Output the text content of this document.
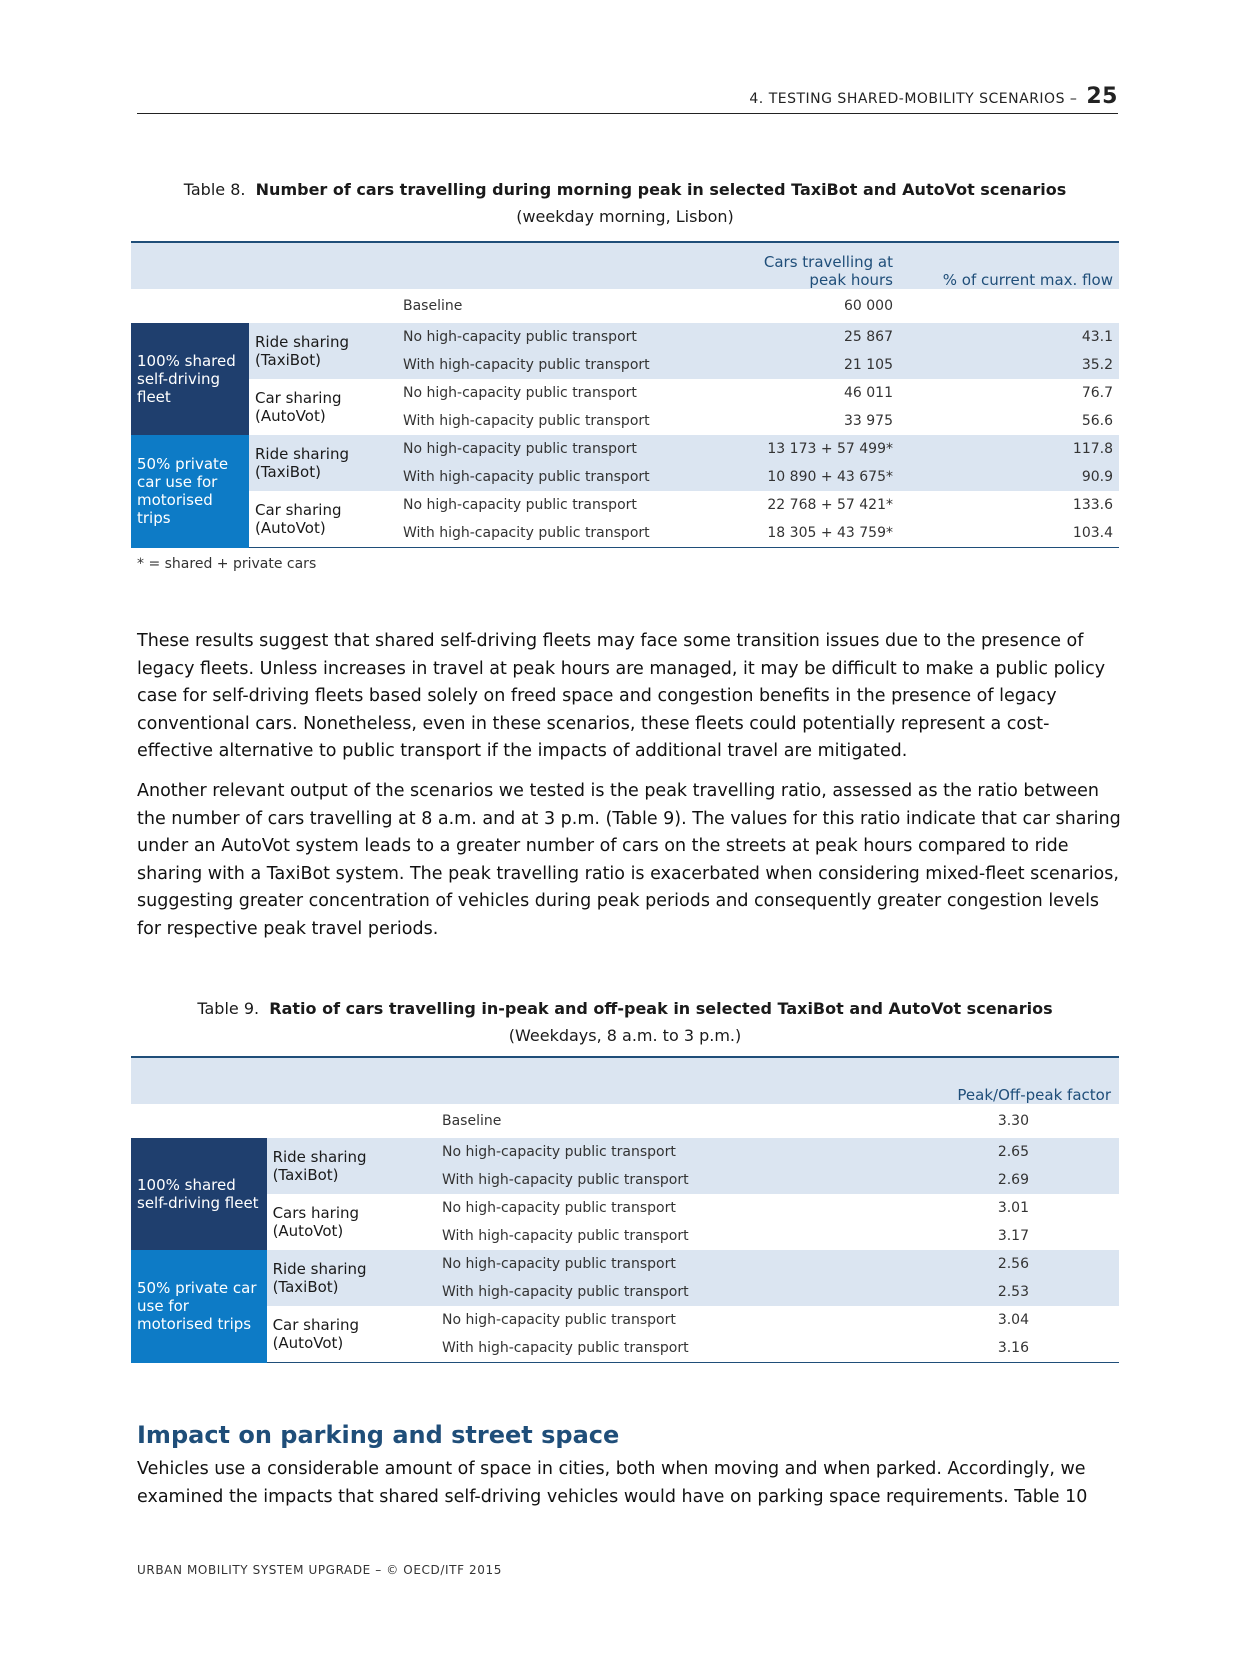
4. TESTING SHARED-MOBILITY SCENARIOS – 25
Table 8. Number of cars travelling during morning peak in selected TaxiBot and AutoVot scenarios
(weekday morning, Lisbon)
			Cars travelling at peak hours	% of current max. flow
		Baseline	60 000	
100% shared self-driving fleet	Ride sharing (TaxiBot)	No high-capacity public transport	25 867	43.1
		With high-capacity public transport	21 105	35.2
	Car sharing (AutoVot)	No high-capacity public transport	46 011	76.7
		With high-capacity public transport	33 975	56.6
50% private car use for motorised trips	Ride sharing (TaxiBot)	No high-capacity public transport	13 173 + 57 499*	117.8
		With high-capacity public transport	10 890 + 43 675*	90.9
	Car sharing (AutoVot)	No high-capacity public transport	22 768 + 57 421*	133.6
		With high-capacity public transport	18 305 + 43 759*	103.4
* = shared + private cars
These results suggest that shared self-driving fleets may face some transition issues due to the presence of legacy fleets. Unless increases in travel at peak hours are managed, it may be difficult to make a public policy case for self-driving fleets based solely on freed space and congestion benefits in the presence of legacy conventional cars. Nonetheless, even in these scenarios, these fleets could potentially represent a cost-effective alternative to public transport if the impacts of additional travel are mitigated.
Another relevant output of the scenarios we tested is the peak travelling ratio, assessed as the ratio between the number of cars travelling at 8 a.m. and at 3 p.m. (Table 9). The values for this ratio indicate that car sharing under an AutoVot system leads to a greater number of cars on the streets at peak hours compared to ride sharing with a TaxiBot system. The peak travelling ratio is exacerbated when considering mixed-fleet scenarios, suggesting greater concentration of vehicles during peak periods and consequently greater congestion levels for respective peak travel periods.
Table 9. Ratio of cars travelling in-peak and off-peak in selected TaxiBot and AutoVot scenarios
(Weekdays, 8 a.m. to 3 p.m.)
			Peak/Off-peak factor
		Baseline	3.30
100% shared self-driving fleet	Ride sharing (TaxiBot)	No high-capacity public transport	2.65
		With high-capacity public transport	2.69
	Cars haring (AutoVot)	No high-capacity public transport	3.01
		With high-capacity public transport	3.17
50% private car use for motorised trips	Ride sharing (TaxiBot)	No high-capacity public transport	2.56
		With high-capacity public transport	2.53
	Car sharing (AutoVot)	No high-capacity public transport	3.04
		With high-capacity public transport	3.16
Impact on parking and street space
Vehicles use a considerable amount of space in cities, both when moving and when parked. Accordingly, we examined the impacts that shared self-driving vehicles would have on parking space requirements. Table 10
URBAN MOBILITY SYSTEM UPGRADE – © OECD/ITF 2015
